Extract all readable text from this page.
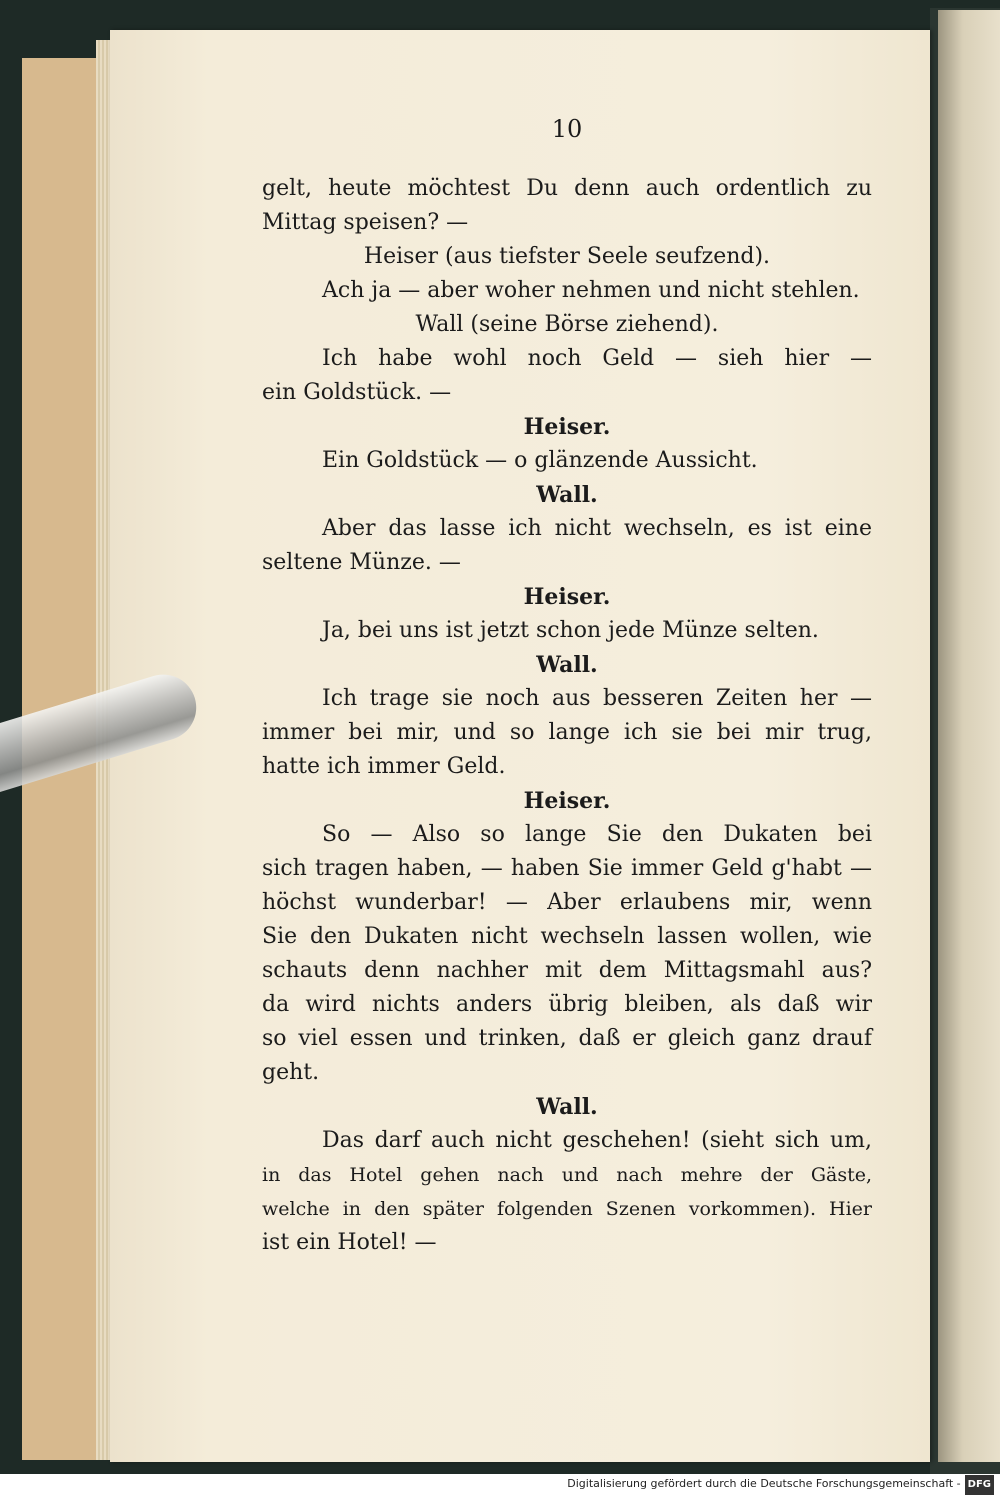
10
gelt, heute möchtest Du denn auch ordentlich zu
Mittag speisen? —
Heiser (aus tiefster Seele seufzend).
Ach ja — aber woher nehmen und nicht stehlen.
Wall (seine Börse ziehend).
Ich habe wohl noch Geld — sieh hier —
ein Goldstück. —
Heiser.
Ein Goldstück — o glänzende Aussicht.
Wall.
Aber das lasse ich nicht wechseln, es ist eine
seltene Münze. —
Heiser.
Ja, bei uns ist jetzt schon jede Münze selten.
Wall.
Ich trage sie noch aus besseren Zeiten her —
immer bei mir, und so lange ich sie bei mir trug,
hatte ich immer Geld.
Heiser.
So — Also so lange Sie den Dukaten bei
sich tragen haben, — haben Sie immer Geld g'habt —
höchst wunderbar! — Aber erlaubens mir, wenn
Sie den Dukaten nicht wechseln lassen wollen, wie
schauts denn nachher mit dem Mittagsmahl aus?
da wird nichts anders übrig bleiben, als daß wir
so viel essen und trinken, daß er gleich ganz drauf
geht.
Wall.
Das darf auch nicht geschehen! (sieht sich um,
in das Hotel gehen nach und nach mehre der Gäste,
welche in den später folgenden Szenen vorkommen). Hier
ist ein Hotel! —
Digitalisierung gefördert durch die Deutsche Forschungsgemeinschaft - DFG
